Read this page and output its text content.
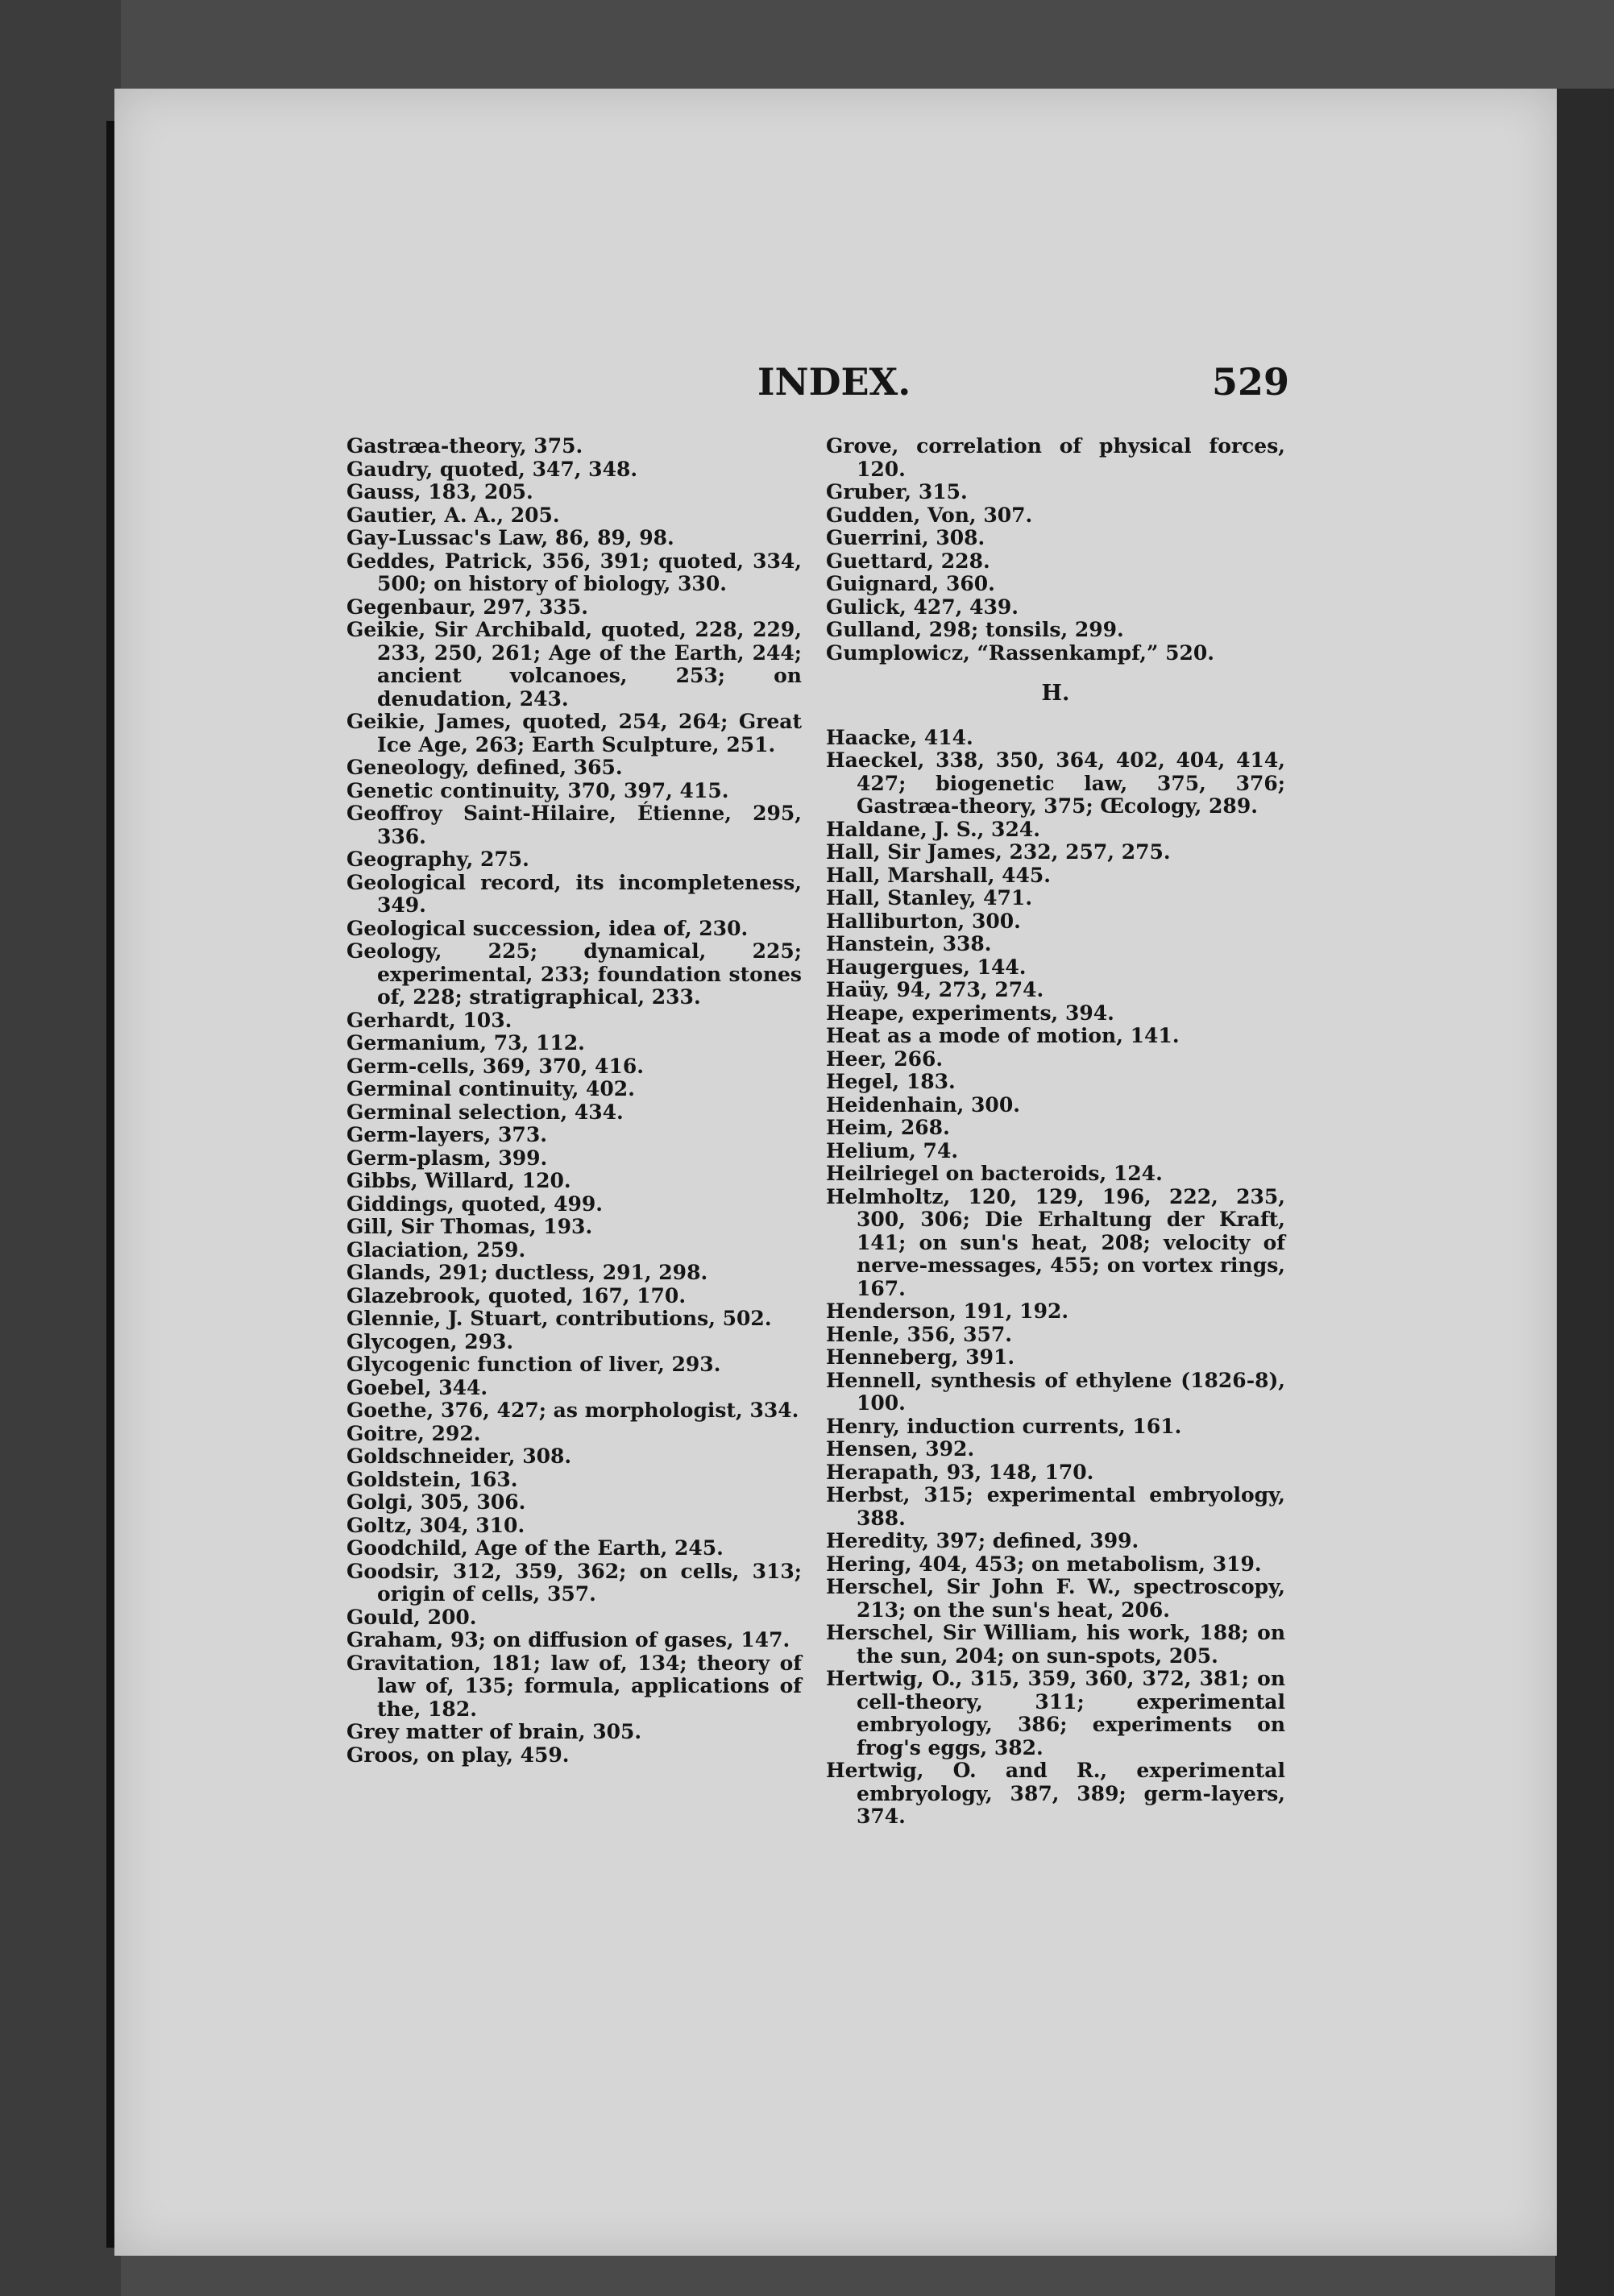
INDEX.	529

Gastræa-theory, 375.

Gaudry, quoted, 347, 348.

Gauss, 183, 205.

Gautier, A. A., 205.

Gay-Lussac's Law, 86, 89, 98.

Geddes, Patrick, 356, 391; quoted, 334, 500; on history of biology, 330.

Gegenbaur, 297, 335.

Geikie, Sir Archibald, quoted, 228, 229, 233, 250, 261; Age of the Earth, 244; ancient volcanoes, 253; on denudation, 243.

Geikie, James, quoted, 254, 264; Great Ice Age, 263; Earth Sculpture, 251.

Geneology, defined, 365.

Genetic continuity, 370, 397, 415.

Geoffroy Saint-Hilaire, Étienne, 295, 336.

Geography, 275.

Geological record, its incompleteness, 349.

Geological succession, idea of, 230.

Geology, 225; dynamical, 225; experimental, 233; foundation stones of, 228; stratigraphical, 233.

Gerhardt, 103.

Germanium, 73, 112.

Germ-cells, 369, 370, 416.

Germinal continuity, 402.

Germinal selection, 434.

Germ-layers, 373.

Germ-plasm, 399.

Gibbs, Willard, 120.

Giddings, quoted, 499.

Gill, Sir Thomas, 193.

Glaciation, 259.

Glands, 291; ductless, 291, 298.

Glazebrook, quoted, 167, 170.

Glennie, J. Stuart, contributions, 502.

Glycogen, 293.

Glycogenic function of liver, 293.

Goebel, 344.

Goethe, 376, 427; as morphologist, 334.

Goitre, 292.

Goldschneider, 308.

Goldstein, 163.

Golgi, 305, 306.

Goltz, 304, 310.

Goodchild, Age of the Earth, 245.

Goodsir, 312, 359, 362; on cells, 313; origin of cells, 357.

Gould, 200.

Graham, 93; on diffusion of gases, 147.

Gravitation, 181; law of, 134; theory of law of, 135; formula, applications of the, 182.

Grey matter of brain, 305.

Groos, on play, 459.

Grove, correlation of physical forces, 120.

Gruber, 315.

Gudden, Von, 307.

Guerrini, 308.

Guettard, 228.

Guignard, 360.

Gulick, 427, 439.

Gulland, 298; tonsils, 299.

Gumplowicz, “Rassenkampf,” 520.

H.

Haacke, 414.

Haeckel, 338, 350, 364, 402, 404, 414, 427; biogenetic law, 375, 376; Gastræa-theory, 375; Œcology, 289.

Haldane, J. S., 324.

Hall, Sir James, 232, 257, 275.

Hall, Marshall, 445.

Hall, Stanley, 471.

Halliburton, 300.

Hanstein, 338.

Haugergues, 144.

Haüy, 94, 273, 274.

Heape, experiments, 394.

Heat as a mode of motion, 141.

Heer, 266.

Hegel, 183.

Heidenhain, 300.

Heim, 268.

Helium, 74.

Heilriegel on bacteroids, 124.

Helmholtz, 120, 129, 196, 222, 235, 300, 306; Die Erhaltung der Kraft, 141; on sun's heat, 208; velocity of nerve-messages, 455; on vortex rings, 167.

Henderson, 191, 192.

Henle, 356, 357.

Henneberg, 391.

Hennell, synthesis of ethylene (1826-8), 100.

Henry, induction currents, 161.

Hensen, 392.

Herapath, 93, 148, 170.

Herbst, 315; experimental embryology, 388.

Heredity, 397; defined, 399.

Hering, 404, 453; on metabolism, 319.

Herschel, Sir John F. W., spectroscopy, 213; on the sun's heat, 206.

Herschel, Sir William, his work, 188; on the sun, 204; on sun-spots, 205.

Hertwig, O., 315, 359, 360, 372, 381; on cell-theory, 311; experimental embryology, 386; experiments on frog's eggs, 382.

Hertwig, O. and R., experimental embryology, 387, 389; germ-layers, 374.
